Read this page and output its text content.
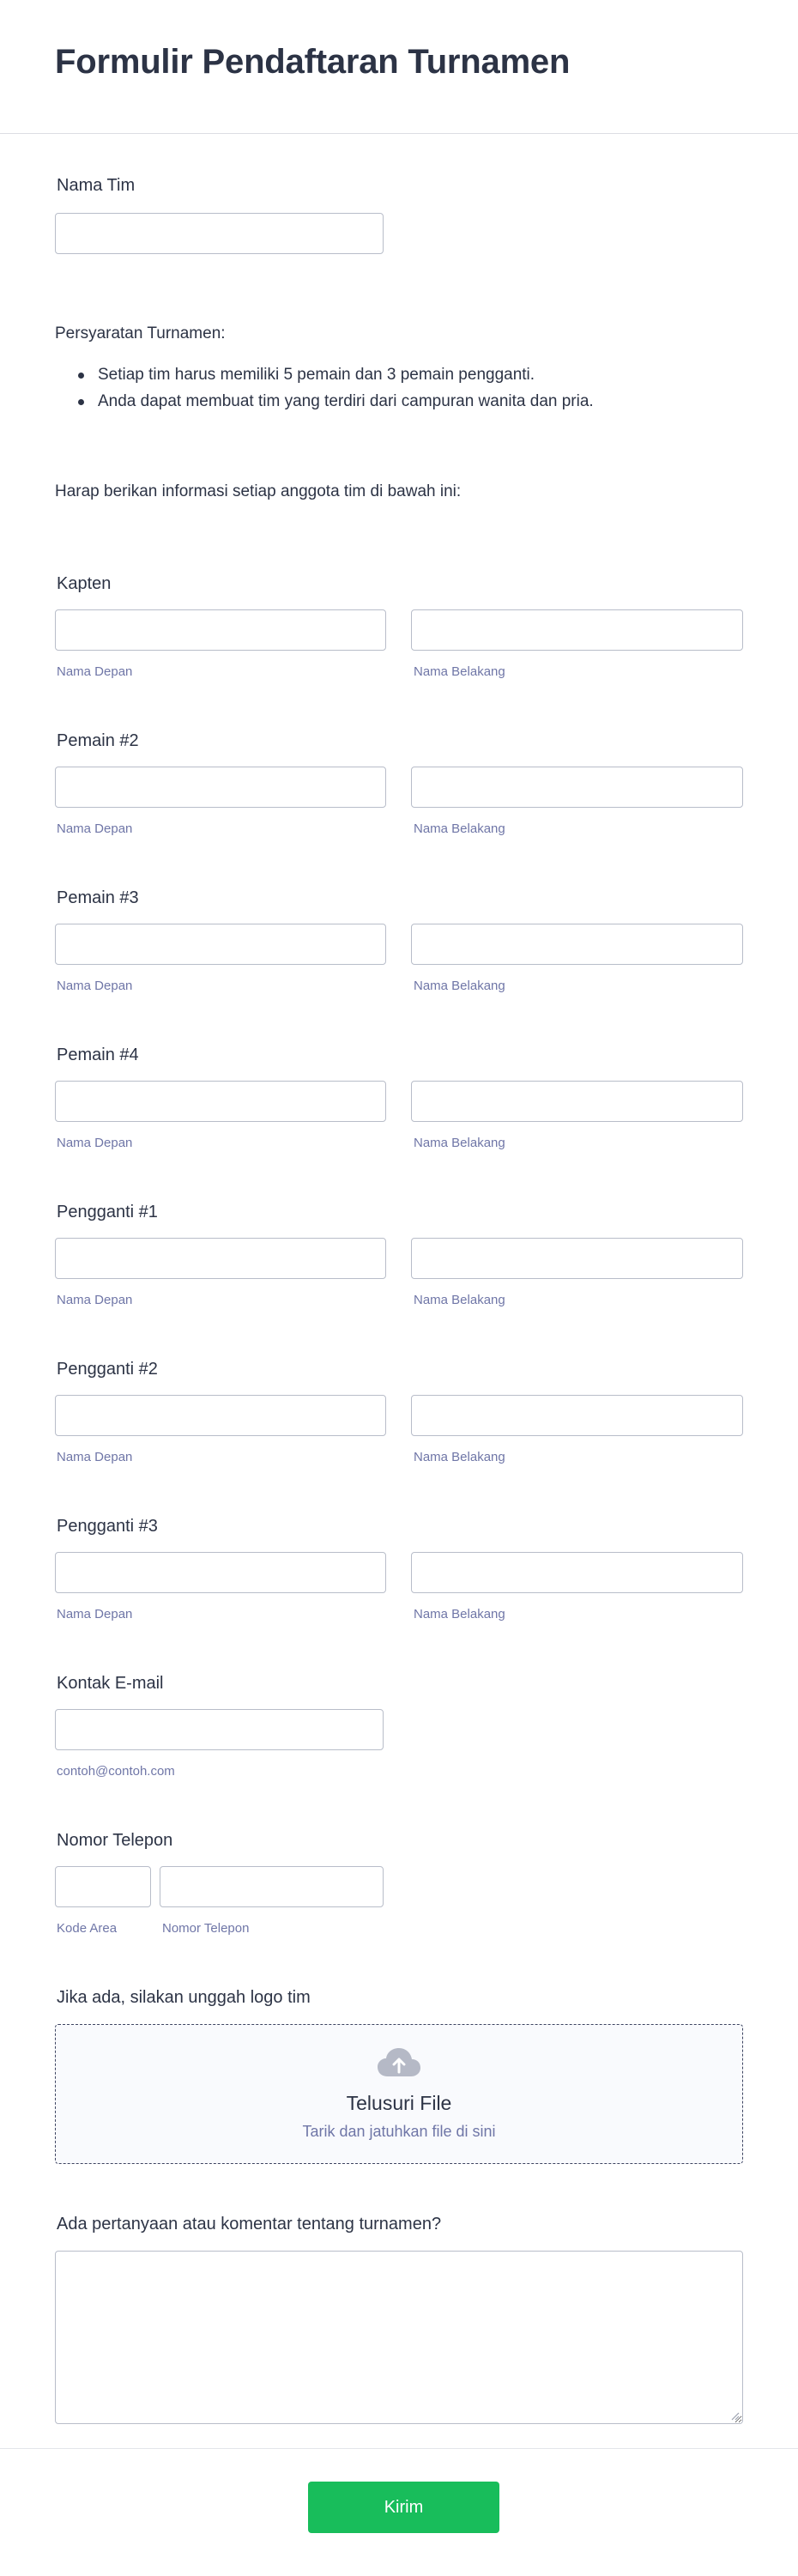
Formulir Pendaftaran Turnamen
Nama Tim
Persyaratan Turnamen:
Setiap tim harus memiliki 5 pemain dan 3 pemain pengganti.
Anda dapat membuat tim yang terdiri dari campuran wanita dan pria.
Harap berikan informasi setiap anggota tim di bawah ini:
Kapten
Nama Depan	Nama Belakang
Pemain #2
Nama Depan	Nama Belakang
Pemain #3
Nama Depan	Nama Belakang
Pemain #4
Nama Depan	Nama Belakang
Pengganti #1
Nama Depan	Nama Belakang
Pengganti #2
Nama Depan	Nama Belakang
Pengganti #3
Nama Depan	Nama Belakang
Kontak E-mail
contoh@contoh.com
Nomor Telepon
Kode Area	Nomor Telepon
Jika ada, silakan unggah logo tim
Telusuri File
Tarik dan jatuhkan file di sini
Ada pertanyaan atau komentar tentang turnamen?
Kirim
